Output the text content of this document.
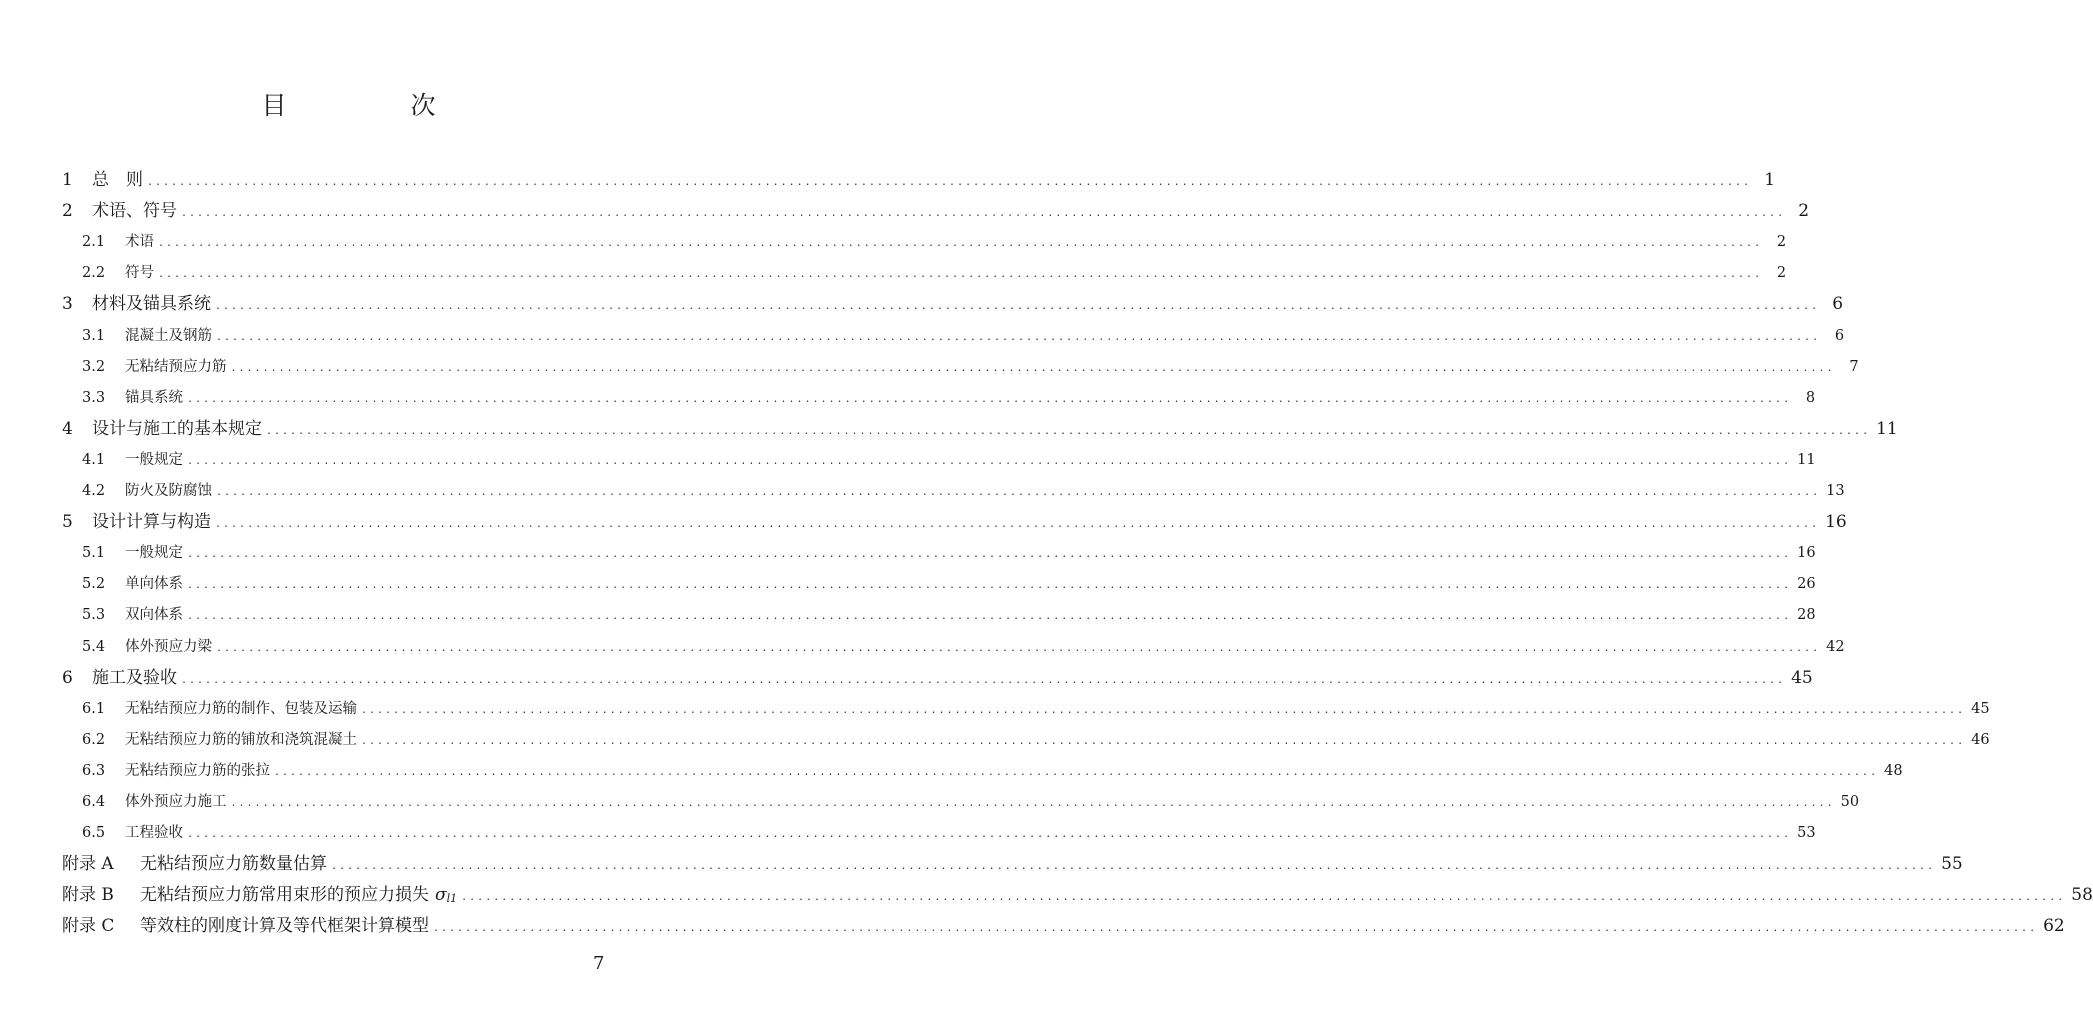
目 次
1	总　则 ........................................................................................................................................................................................................ 1
2	术语、符号 ........................................................................................................................................................................................................ 2
2.1	术语 ........................................................................................................................................................................................................	2
2.2	符号 ........................................................................................................................................................................................................	2
3	材料及锚具系统 ........................................................................................................................................................................................................ 6
3.1	混凝土及钢筋 ........................................................................................................................................................................................................	6
3.2	无粘结预应力筋 ........................................................................................................................................................................................................	7
3.3	锚具系统 ........................................................................................................................................................................................................	8
4	设计与施工的基本规定 ........................................................................................................................................................................................................ 11
4.1	一般规定 ........................................................................................................................................................................................................ 11
4.2	防火及防腐蚀 ........................................................................................................................................................................................................ 13
5	设计计算与构造 ........................................................................................................................................................................................................ 16
5.1	一般规定 ........................................................................................................................................................................................................ 16
5.2	单向体系 ........................................................................................................................................................................................................ 26
5.3	双向体系 ........................................................................................................................................................................................................ 28
5.4	体外预应力梁 ........................................................................................................................................................................................................ 42
6	施工及验收 ........................................................................................................................................................................................................ 45
6.1	无粘结预应力筋的制作、包装及运输 ........................................................................................................................................................................................................ 45
6.2	无粘结预应力筋的铺放和浇筑混凝土 ........................................................................................................................................................................................................ 46
6.3	无粘结预应力筋的张拉 ........................................................................................................................................................................................................ 48
6.4	体外预应力施工 ........................................................................................................................................................................................................ 50
6.5	工程验收 ........................................................................................................................................................................................................ 53
附录 A	无粘结预应力筋数量估算 ........................................................................................................................................................................................................ 55
附录 B	无粘结预应力筋常用束形的预应力损失 σl1 ........................................................................................................................................................................................................ 58
附录 C	等效柱的刚度计算及等代框架计算模型 ........................................................................................................................................................................................................ 62
7
